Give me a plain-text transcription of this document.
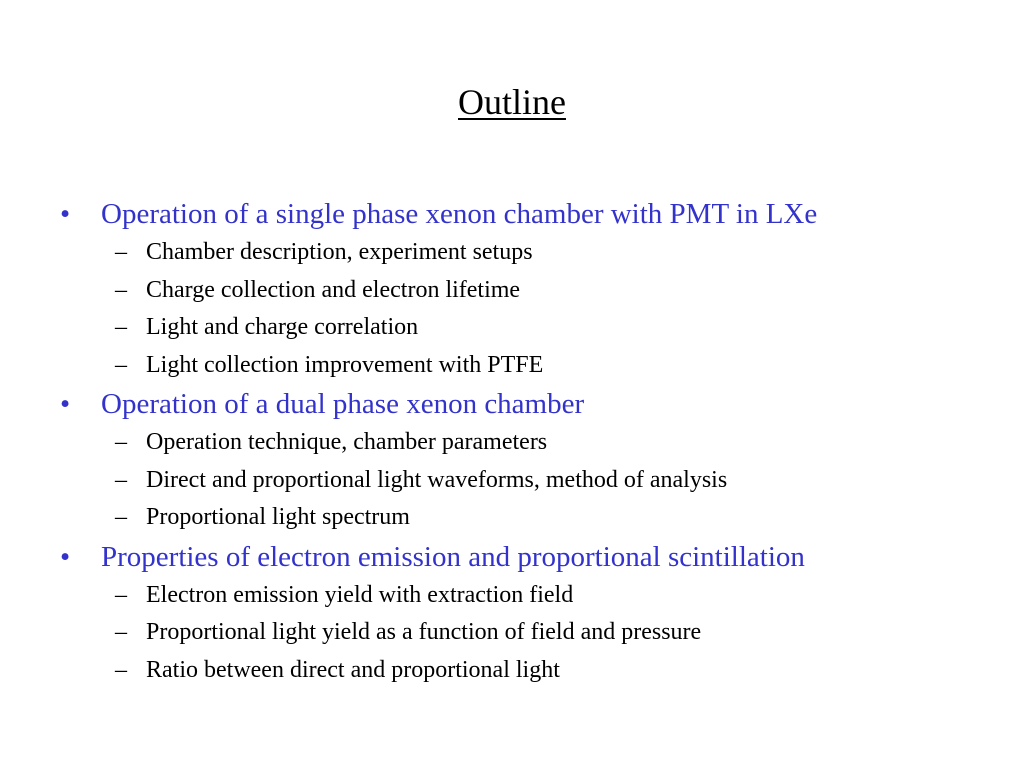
Outline
•	Operation of a single phase xenon chamber with PMT in LXe
– Chamber description, experiment setups
– Charge collection and electron lifetime
– Light and charge correlation
– Light collection improvement with PTFE
•	Operation of a dual phase xenon chamber
– Operation technique, chamber parameters
– Direct and proportional light waveforms, method of analysis
– Proportional light spectrum
•	Properties of electron emission and proportional scintillation
– Electron emission yield with extraction field
– Proportional light yield as a function of field and pressure
– Ratio between direct and proportional light
